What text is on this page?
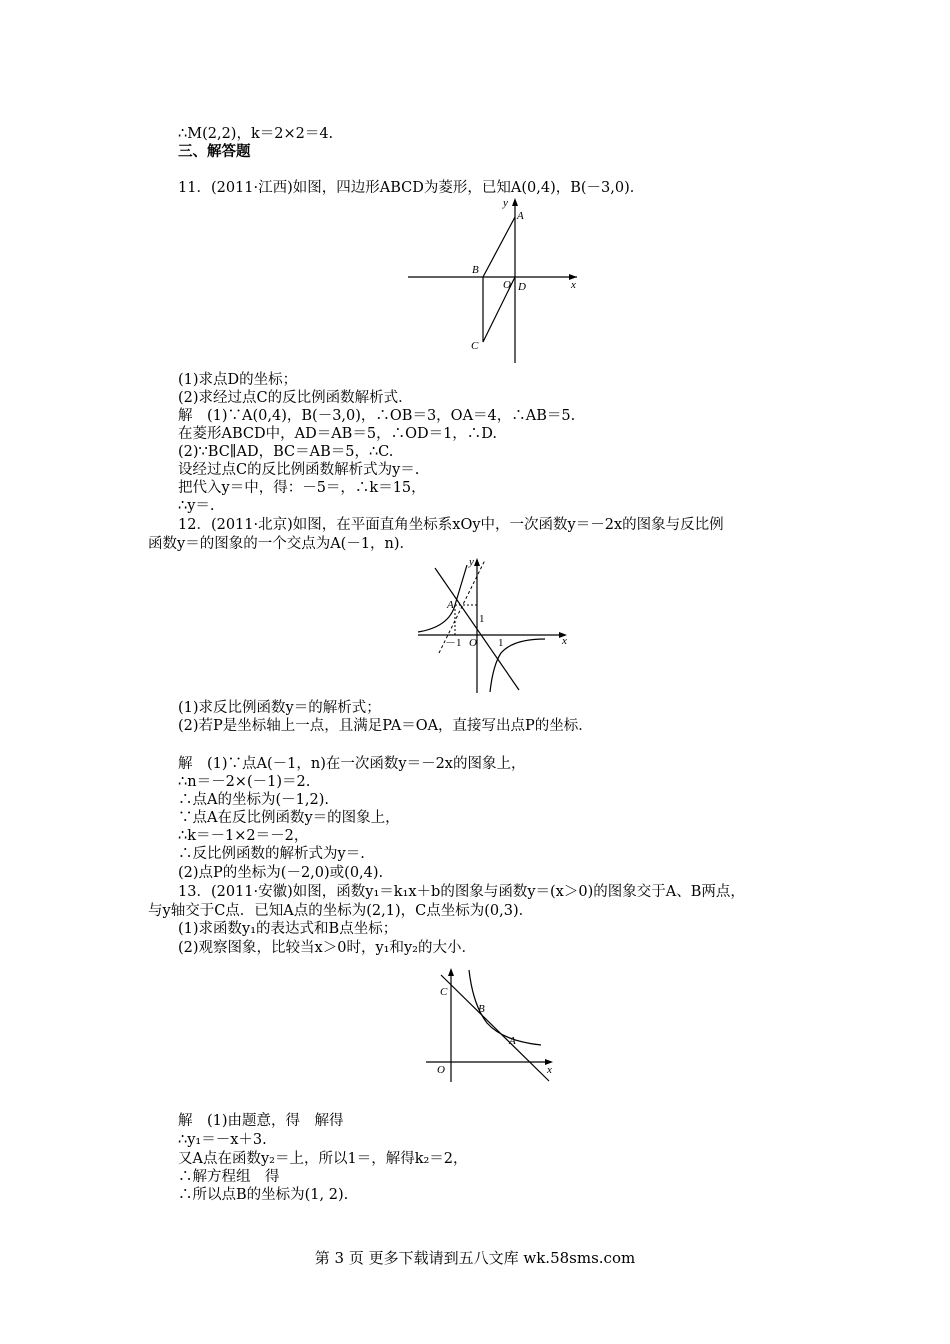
∴M(2,2)，k＝2×2＝4.
三、解答题
11．(2011·江西)如图，四边形ABCD为菱形，已知A(0,4)，B(－3,0)．
y
x
A
B
O D
C
(1)求点D的坐标；
(2)求经过点C的反比例函数解析式．
解　(1)∵A(0,4)，B(－3,0)，∴OB＝3，OA＝4，∴AB＝5.
在菱形ABCD中，AD＝AB＝5，∴OD＝1，∴D.
(2)∵BC∥AD，BC＝AB＝5，∴C.
设经过点C的反比例函数解析式为y＝.
把代入y＝中，得：－5＝，∴k＝15，
∴y＝.
12．(2011·北京)如图，在平面直角坐标系xOy中，一次函数y＝－2x的图象与反比例
函数y＝的图象的一个交点为A(－1，n)．
y
x
A
O 1
1
－1
(1)求反比例函数y＝的解析式；
(2)若P是坐标轴上一点，且满足PA＝OA，直接写出点P的坐标．
解　(1)∵点A(－1，n)在一次函数y＝－2x的图象上，
∴n＝－2×(－1)＝2.
∴点A的坐标为(－1,2).
∵点A在反比例函数y＝的图象上，
∴k＝－1×2＝－2，
∴反比例函数的解析式为y＝.
(2)点P的坐标为(－2,0)或(0,4).
13．(2011·安徽)如图，函数y₁＝k₁x＋b的图象与函数y＝(x＞0)的图象交于A、B两点，
与y轴交于C点．已知A点的坐标为(2,1)，C点坐标为(0,3)．
(1)求函数y₁的表达式和B点坐标；
(2)观察图象，比较当x＞0时，y₁和y₂的大小．
C
B
A
O	x
解　(1)由题意，得　解得
∴y₁＝－x＋3.
又A点在函数y₂＝上，所以1＝，解得k₂＝2，
∴解方程组　得
∴所以点B的坐标为(1, 2).
第 3 页 更多下载请到五八文库 wk.58sms.com
